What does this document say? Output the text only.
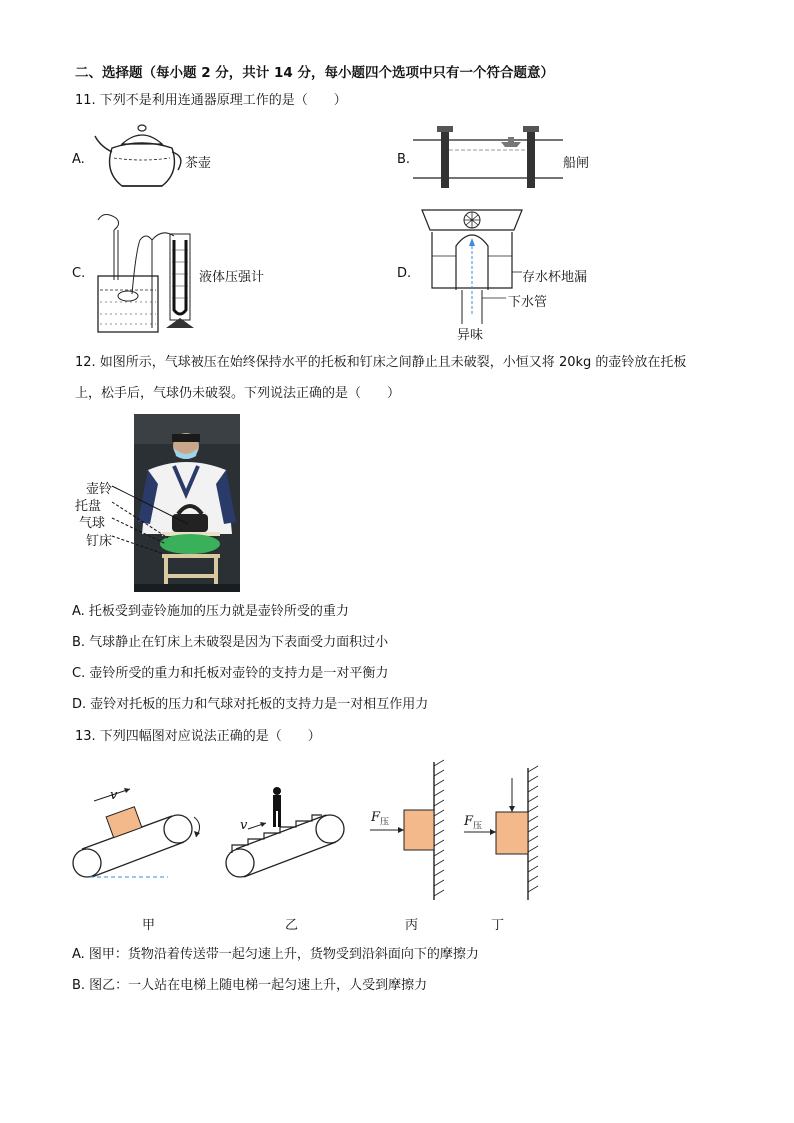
二、选择题（每小题 2 分，共计 14 分，每小题四个选项中只有一个符合题意）
11. 下列不是利用连通器原理工作的是（　　）
A.	茶壶	B.	船闸
C.	液体压强计	D.	存水杯地漏
下水管
异味
12. 如图所示，气球被压在始终保持水平的托板和钉床之间静止且未破裂，小恒又将 20kg 的壶铃放在托板
上，松手后，气球仍未破裂。下列说法正确的是（　　）
壶铃
托盘
气球
钉床
A. 托板受到壶铃施加的压力就是壶铃所受的重力
B. 气球静止在钉床上未破裂是因为下表面受力面积过小
C. 壶铃所受的重力和托板对壶铃的支持力是一对平衡力
D. 壶铃对托板的压力和气球对托板的支持力是一对相互作用力
13. 下列四幅图对应说法正确的是（　　）
v
v
$F_压$	$F_压$
甲	乙	丙	丁
A. 图甲：货物沿着传送带一起匀速上升，货物受到沿斜面向下的摩擦力
B. 图乙：一人站在电梯上随电梯一起匀速上升，人受到摩擦力
